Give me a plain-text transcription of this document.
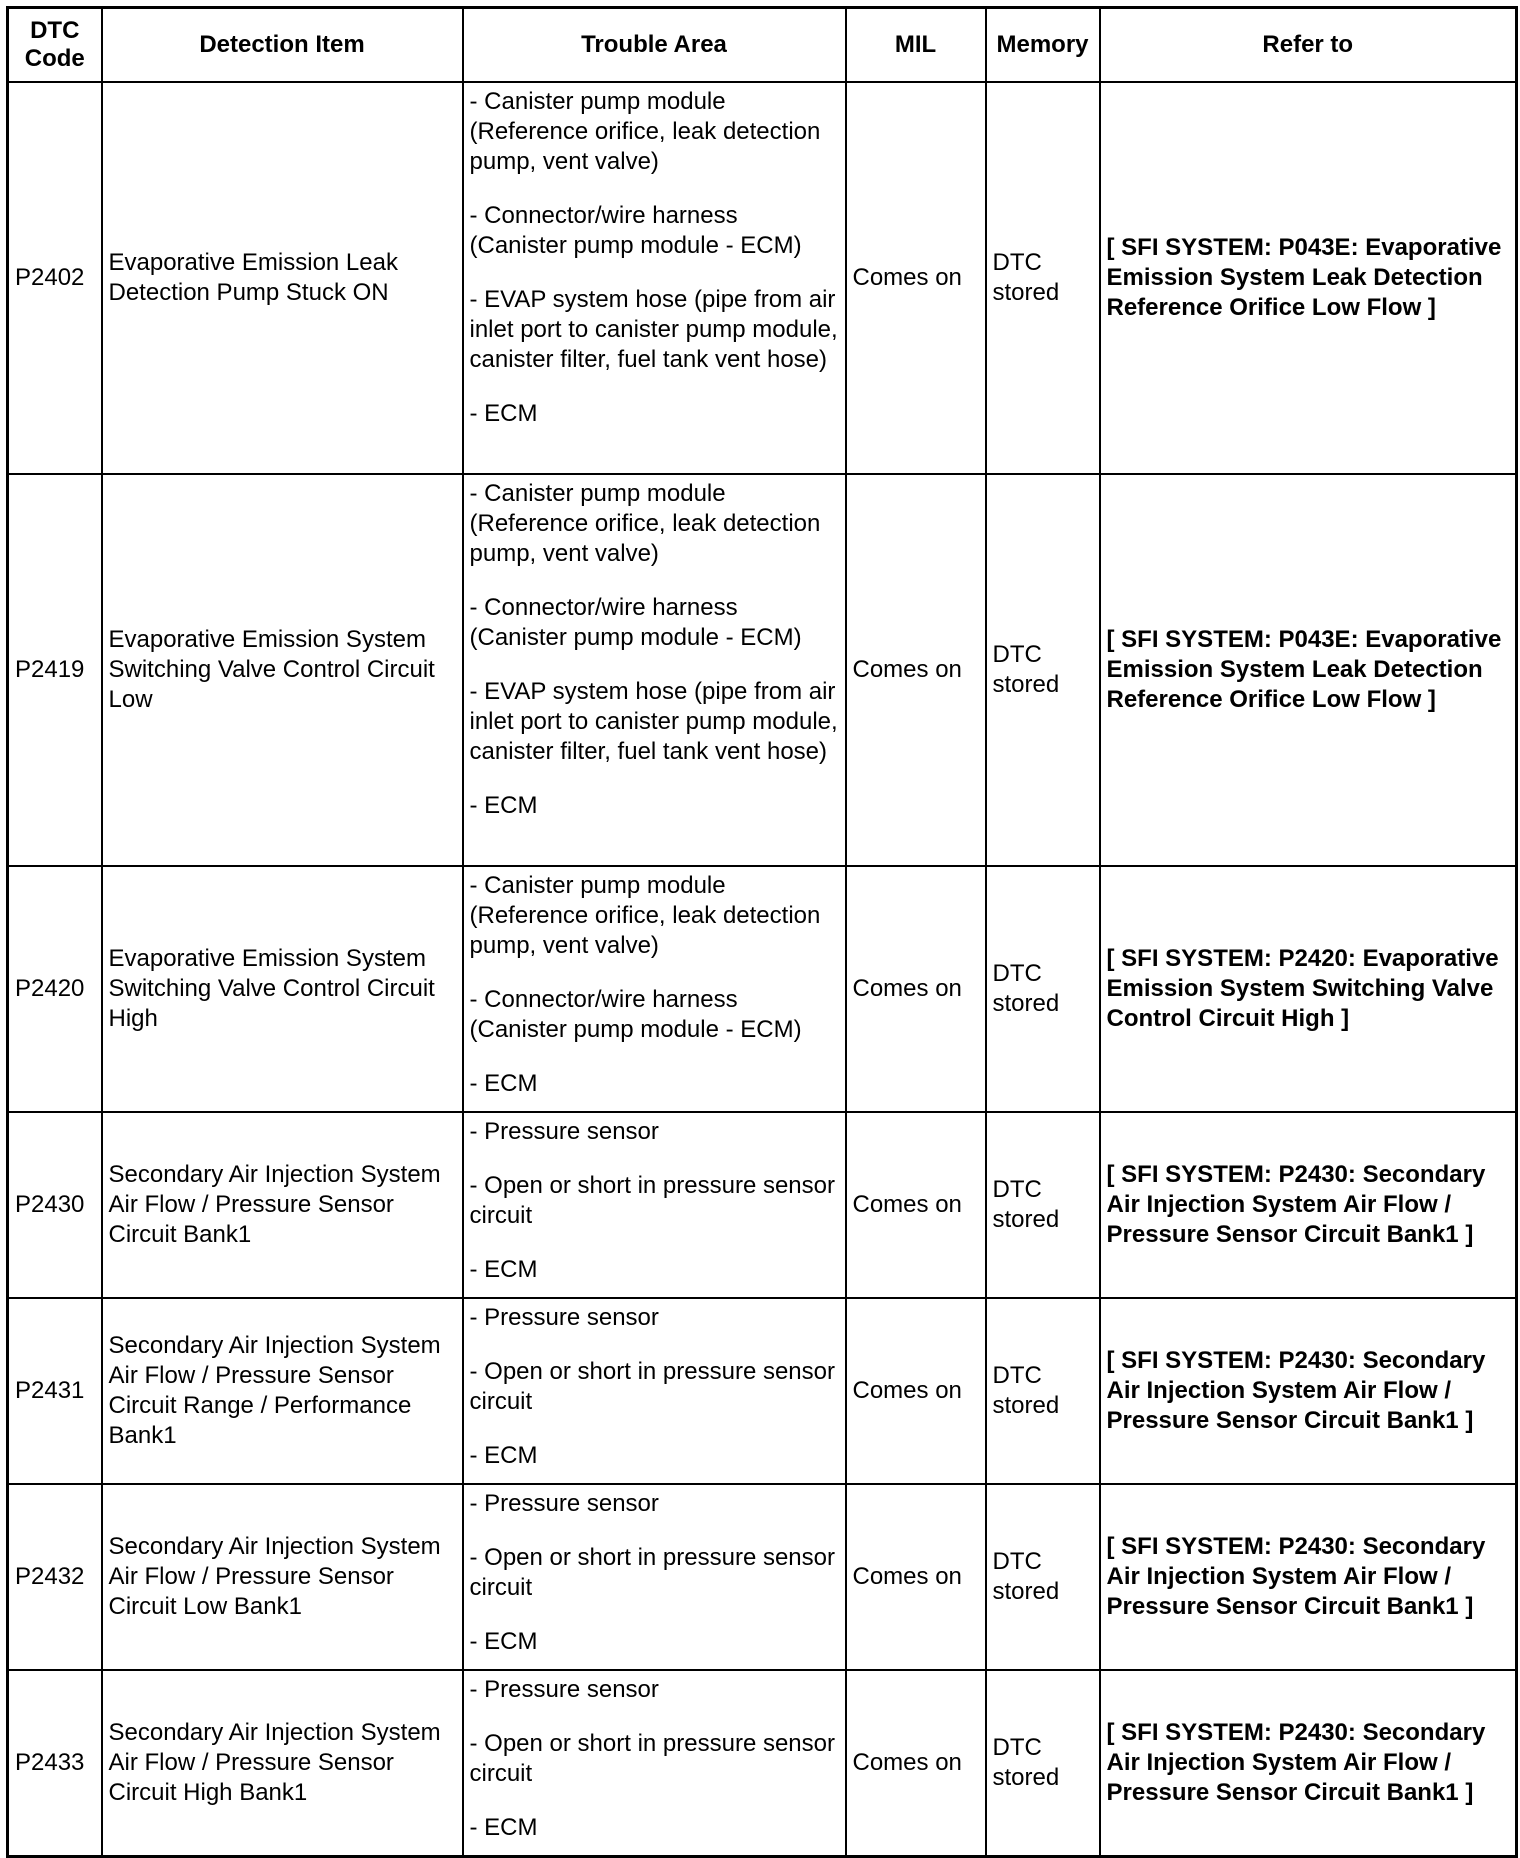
DTC Code	Detection Item	Trouble Area	MIL	Memory	Refer to
P2402	Evaporative Emission Leak Detection Pump Stuck ON	- Canister pump module (Reference orifice, leak detection pump, vent valve)
- Connector/wire harness (Canister pump module - ECM)
- EVAP system hose (pipe from air inlet port to canister pump module, canister filter, fuel tank vent hose)
- ECM	Comes on	DTC stored	[ SFI SYSTEM: P043E: Evaporative Emission System Leak Detection Reference Orifice Low Flow ]
P2419	Evaporative Emission System Switching Valve Control Circuit Low	- Canister pump module (Reference orifice, leak detection pump, vent valve)
- Connector/wire harness (Canister pump module - ECM)
- EVAP system hose (pipe from air inlet port to canister pump module, canister filter, fuel tank vent hose)
- ECM	Comes on	DTC stored	[ SFI SYSTEM: P043E: Evaporative Emission System Leak Detection Reference Orifice Low Flow ]
P2420	Evaporative Emission System Switching Valve Control Circuit High	- Canister pump module (Reference orifice, leak detection pump, vent valve)
- Connector/wire harness (Canister pump module - ECM)
- ECM	Comes on	DTC stored	[ SFI SYSTEM: P2420: Evaporative Emission System Switching Valve Control Circuit High ]
P2430	Secondary Air Injection System Air Flow / Pressure Sensor Circuit Bank1	- Pressure sensor
- Open or short in pressure sensor circuit
- ECM	Comes on	DTC stored	[ SFI SYSTEM: P2430: Secondary Air Injection System Air Flow / Pressure Sensor Circuit Bank1 ]
P2431	Secondary Air Injection System Air Flow / Pressure Sensor Circuit Range / Performance Bank1	- Pressure sensor
- Open or short in pressure sensor circuit
- ECM	Comes on	DTC stored	[ SFI SYSTEM: P2430: Secondary Air Injection System Air Flow / Pressure Sensor Circuit Bank1 ]
P2432	Secondary Air Injection System Air Flow / Pressure Sensor Circuit Low Bank1	- Pressure sensor
- Open or short in pressure sensor circuit
- ECM	Comes on	DTC stored	[ SFI SYSTEM: P2430: Secondary Air Injection System Air Flow / Pressure Sensor Circuit Bank1 ]
P2433	Secondary Air Injection System Air Flow / Pressure Sensor Circuit High Bank1	- Pressure sensor
- Open or short in pressure sensor circuit
- ECM	Comes on	DTC stored	[ SFI SYSTEM: P2430: Secondary Air Injection System Air Flow / Pressure Sensor Circuit Bank1 ]
